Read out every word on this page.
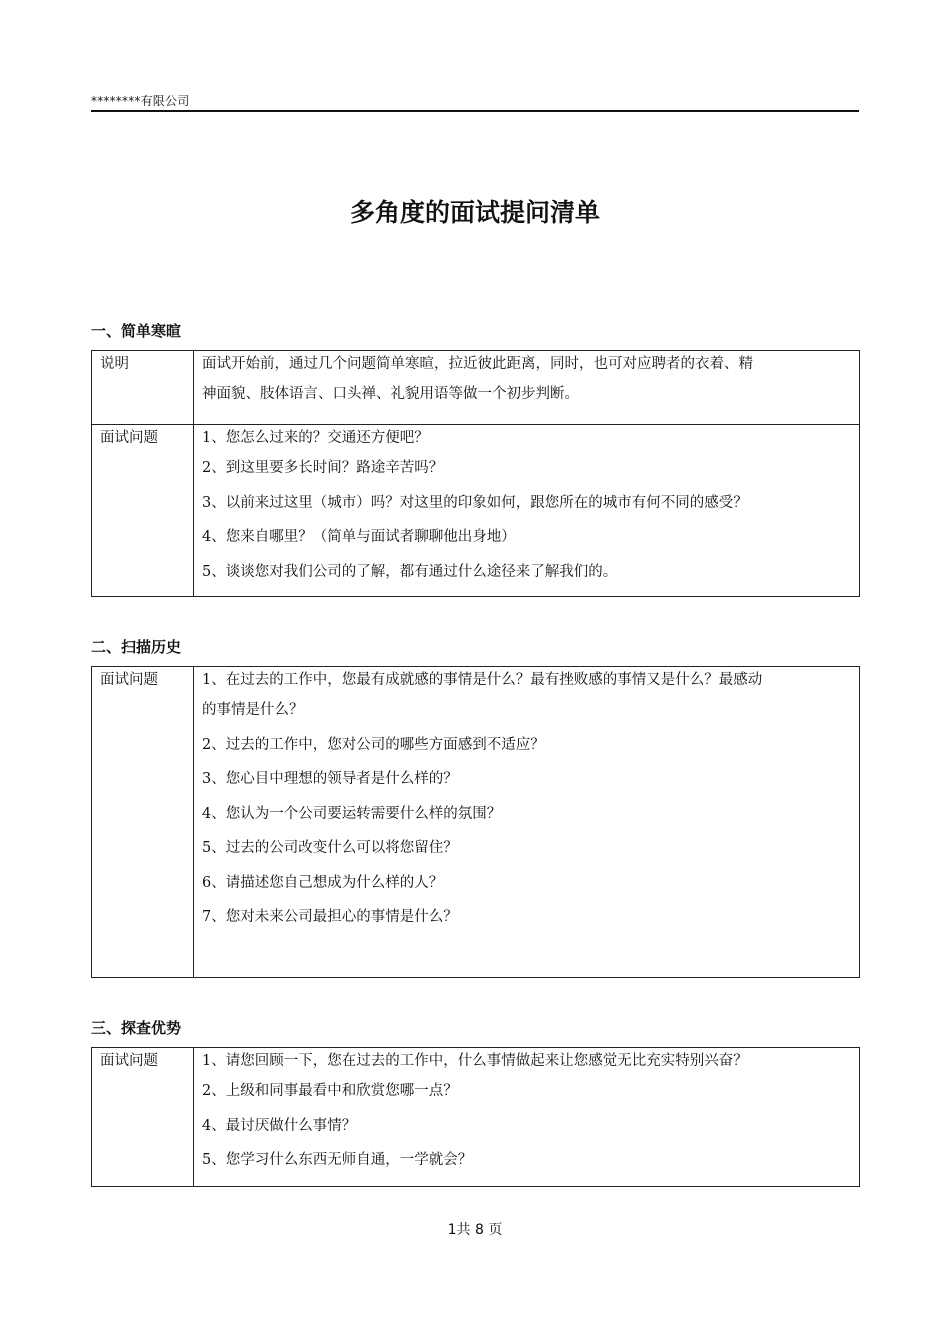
********有限公司
多角度的面试提问清单
一、简单寒暄
说明	面试开始前，通过几个问题简单寒暄，拉近彼此距离，同时，也可对应聘者的衣着、精

神面貌、肢体语言、口头禅、礼貌用语等做一个初步判断。

面试问题	1、您怎么过来的？交通还方便吧？

2、到这里要多长时间？路途辛苦吗？

3、以前来过这里（城市）吗？对这里的印象如何，跟您所在的城市有何不同的感受？

4、您来自哪里？（简单与面试者聊聊他出身地）

5、谈谈您对我们公司的了解，都有通过什么途径来了解我们的。

二、扫描历史
面试问题	1、在过去的工作中，您最有成就感的事情是什么？最有挫败感的事情又是什么？最感动

的事情是什么？

2、过去的工作中，您对公司的哪些方面感到不适应？

3、您心目中理想的领导者是什么样的？

4、您认为一个公司要运转需要什么样的氛围？

5、过去的公司改变什么可以将您留住？

6、请描述您自己想成为什么样的人？

7、您对未来公司最担心的事情是什么？

三、探查优势
面试问题	1、请您回顾一下，您在过去的工作中，什么事情做起来让您感觉无比充实特别兴奋？

2、上级和同事最看中和欣赏您哪一点？

4、最讨厌做什么事情？

5、您学习什么东西无师自通，一学就会？

1共 8 页
